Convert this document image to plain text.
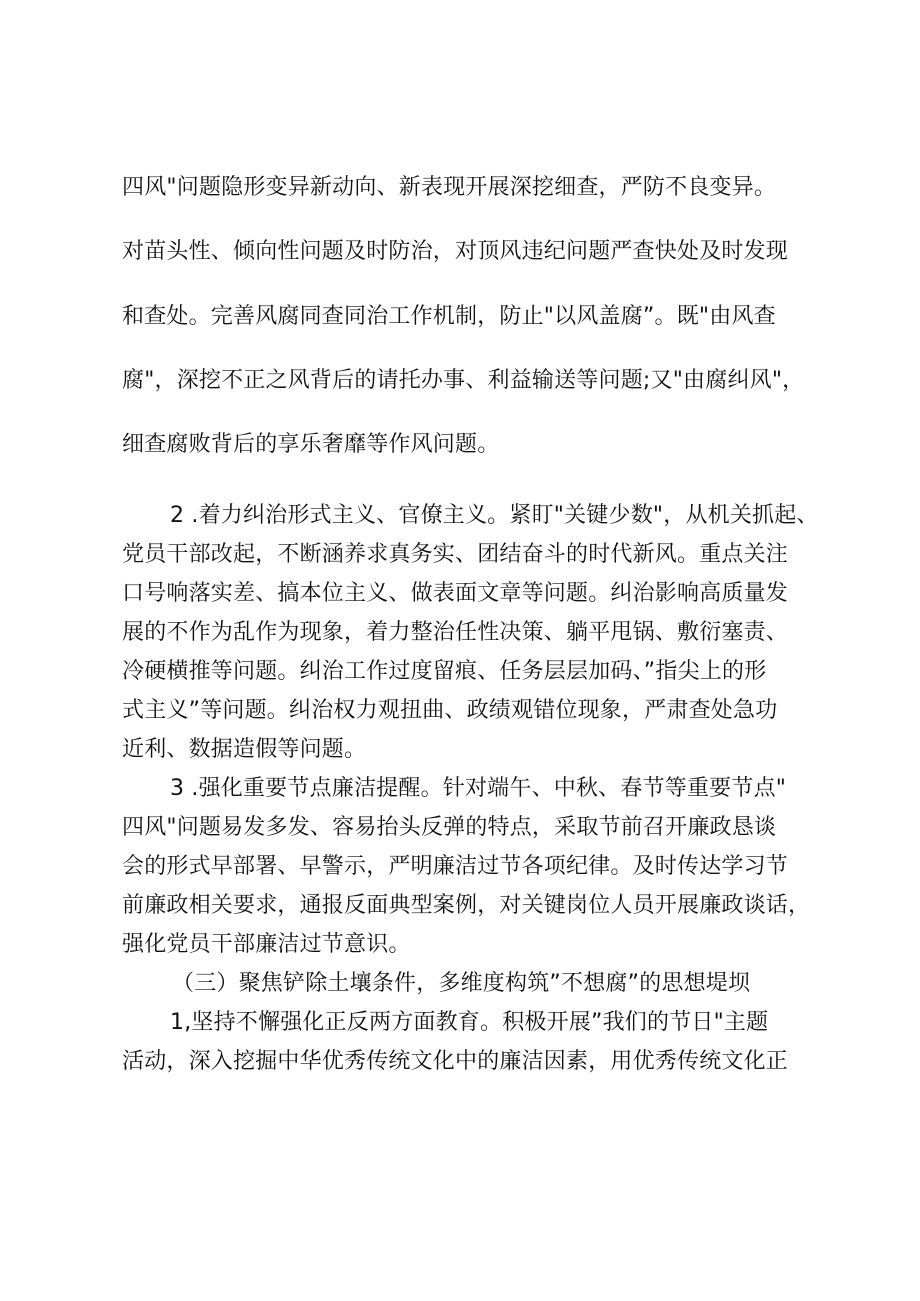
四风"问题隐形变异新动向、新表现开展深挖细查，严防不良变异。
对苗头性、倾向性问题及时防治，对顶风违纪问题严查快处及时发现
和查处。完善风腐同查同治工作机制，防止"以风盖腐”。既"由风查
腐"，深挖不正之风背后的请托办事、利益输送等问题;又"由腐纠风"，
细查腐败背后的享乐奢靡等作风问题。
2 .着力纠治形式主义、官僚主义。紧盯"关键少数"，从机关抓起、
党员干部改起，不断涵养求真务实、团结奋斗的时代新风。重点关注
口号响落实差、搞本位主义、做表面文章等问题。纠治影响高质量发
展的不作为乱作为现象，着力整治任性决策、躺平甩锅、敷衍塞责、
冷硬横推等问题。纠治工作过度留痕、任务层层加码、”指尖上的形
式主义”等问题。纠治权力观扭曲、政绩观错位现象，严肃查处急功
近利、数据造假等问题。
3 .强化重要节点廉洁提醒。针对端午、中秋、春节等重要节点"
四风"问题易发多发、容易抬头反弹的特点，采取节前召开廉政恳谈
会的形式早部署、早警示，严明廉洁过节各项纪律。及时传达学习节
前廉政相关要求，通报反面典型案例，对关键岗位人员开展廉政谈话，
强化党员干部廉洁过节意识。
（三）聚焦铲除土壤条件，多维度构筑”不想腐”的思想堤坝
1,坚持不懈强化正反两方面教育。积极开展”我们的节日"主题
活动，深入挖掘中华优秀传统文化中的廉洁因素，用优秀传统文化正
